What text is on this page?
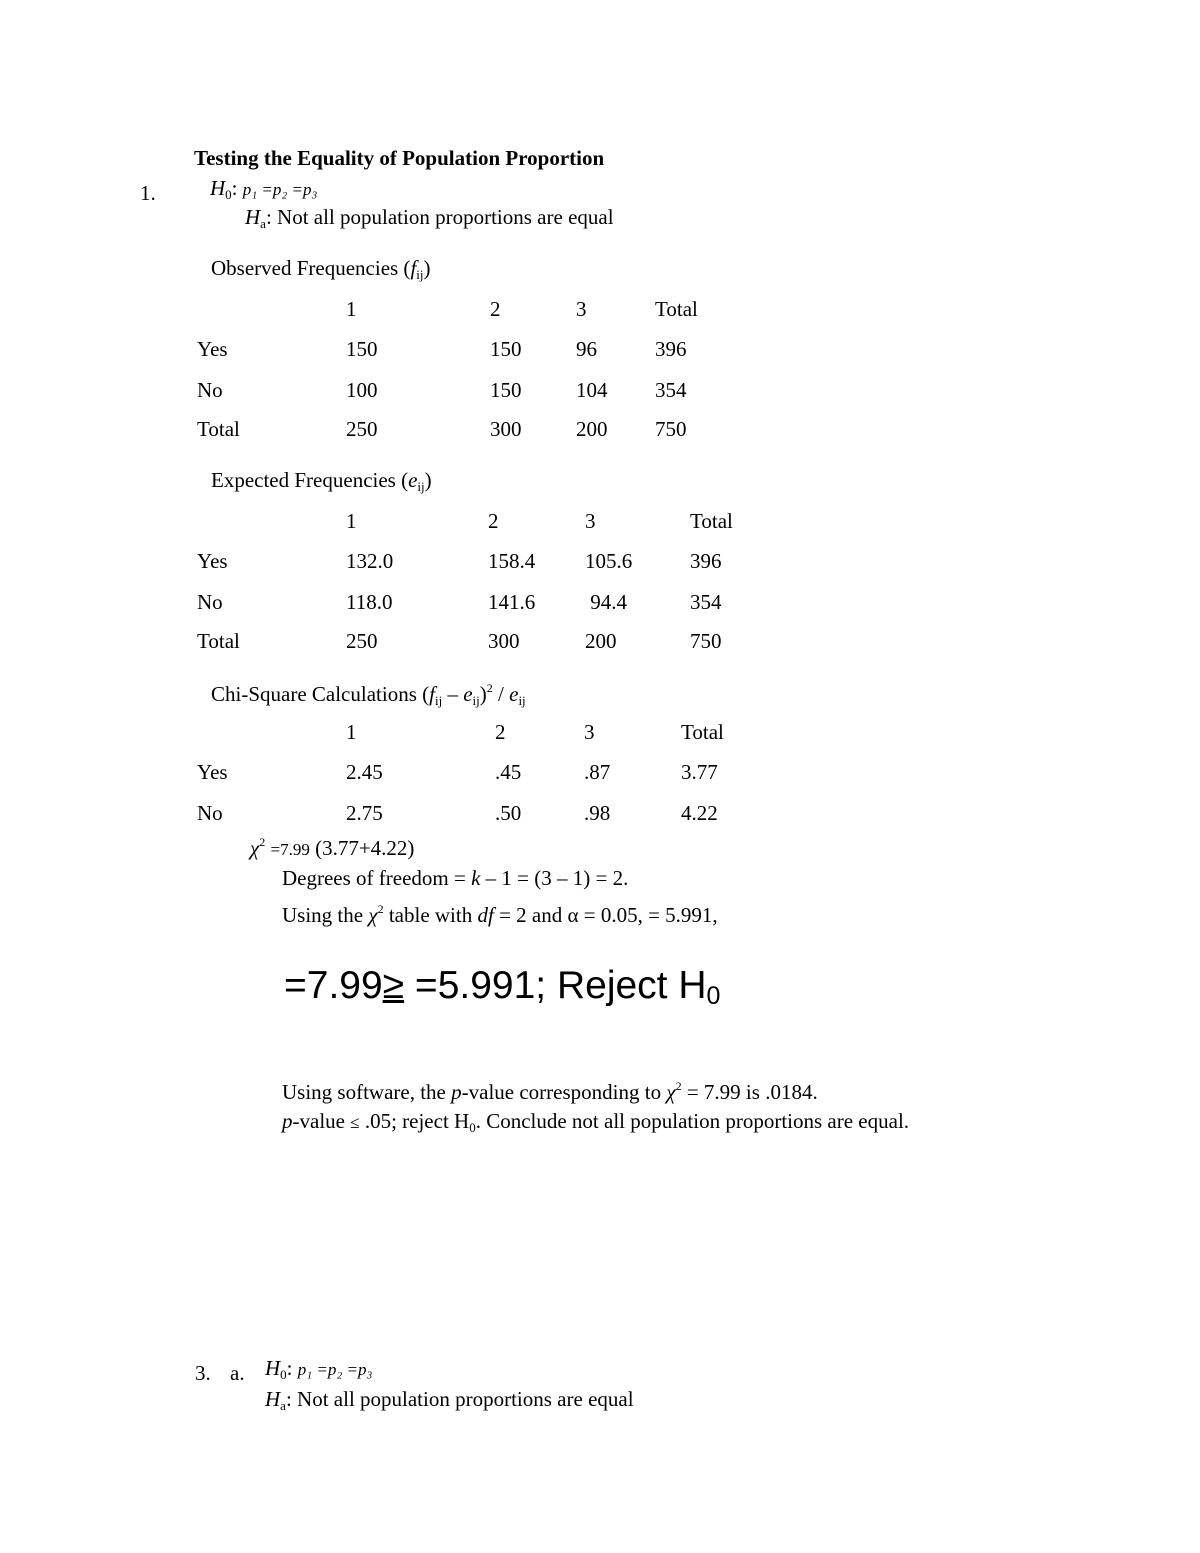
Testing the Equality of Population Proportion
1.	$H_0$: p₁ =p₂ =p₃
$H_a$: Not all population proportions are equal
Observed Frequencies $(f_{ij})$
1	2	3	Total
Yes	150	150	96	396
No	100	150	104 354
Total	250	300	200 750
Expected Frequencies $(e_{ij})$
1	2	3	Total
Yes	132.0	158.4 105.6	396
No	118.0	141.6 94.4	354
Total	250	300	200	750
Chi-Square Calculations $(f_{ij} - e_{ij})^2 / e_{ij}$
1	2	3	Total
Yes	2.45	.45	.87	3.77
No	2.75	.50	.98	4.22
$\chi^2 =7.99$ (3.77+4.22)
Degrees of freedom = k – 1 = (3 – 1) = 2.
Using the $\chi^2$ table with df = 2 and α = 0.05, = 5.991,
=7.99≥ =5.991; Reject H0
Using software, the p-value corresponding to $\chi^2 = 7.99$ is .0184.
p-value ≤ .05; reject $H_0$. Conclude not all population proportions are equal.
3. a. $H_0$: p₁ =p₂ =p₃
$H_a$: Not all population proportions are equal
